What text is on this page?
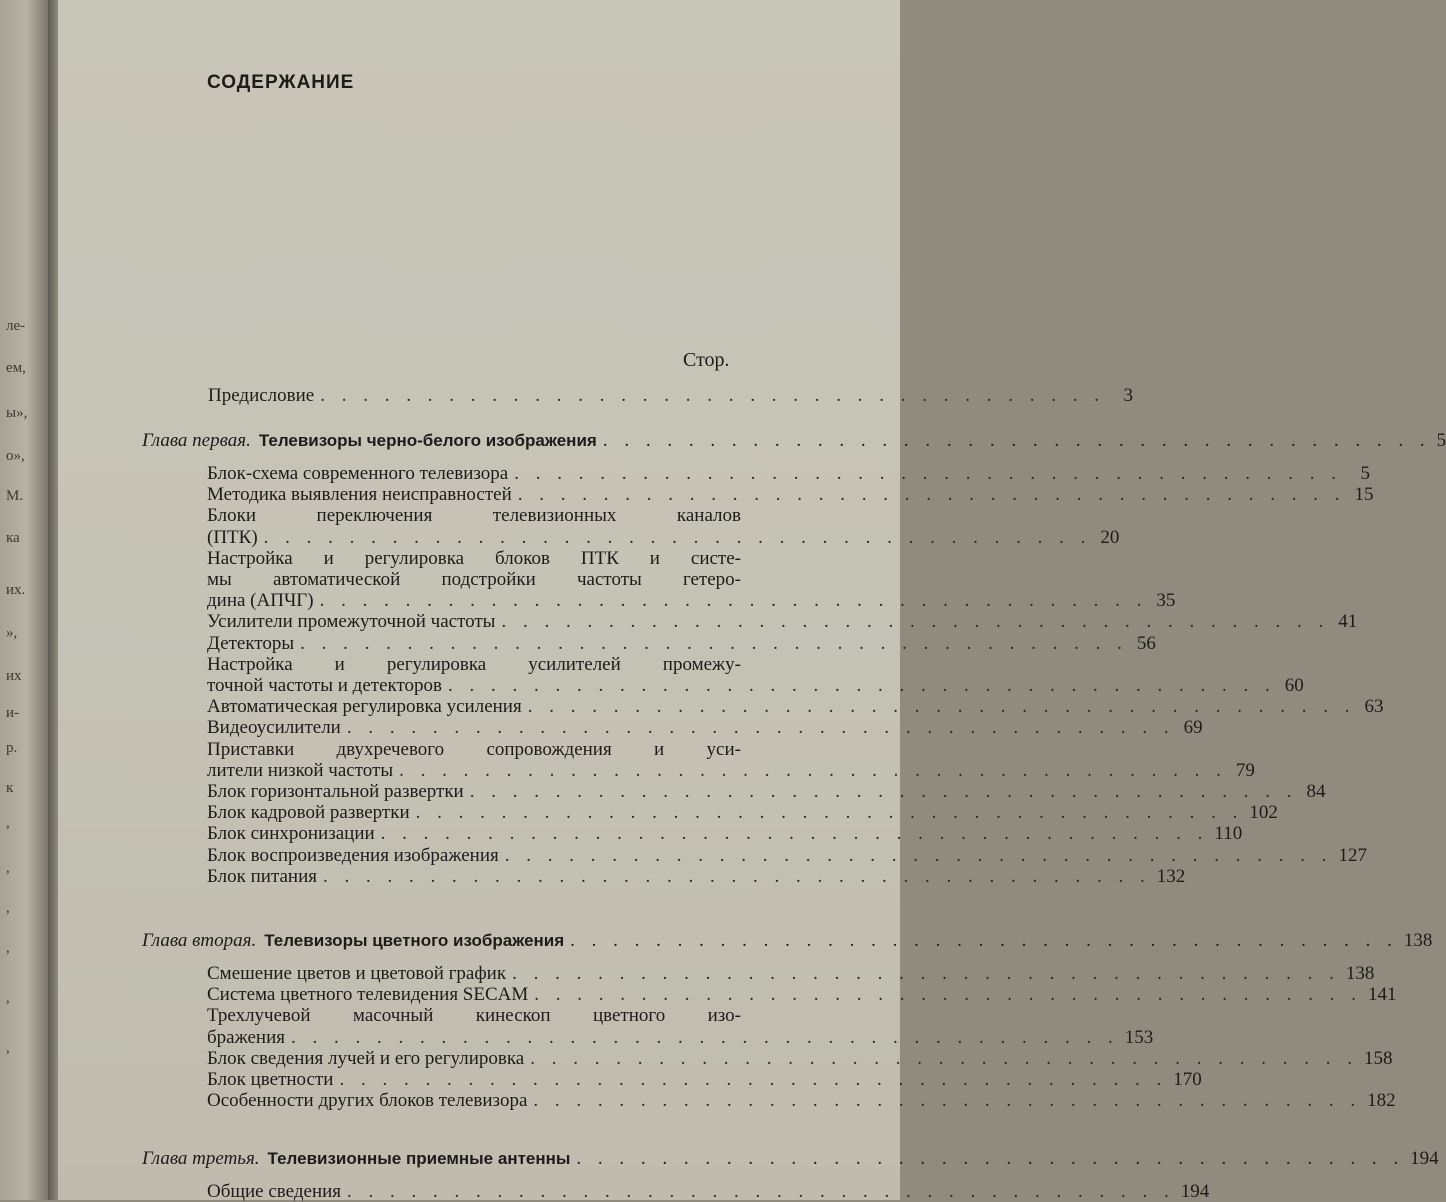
ле-
ем,
ы»,
о»,
М.
ка
их.
»,
их
и-
р.
к
,
,
,
,
,
,
СОДЕРЖАНИЕ
Стор.
Предисловие . . . . . . . . . . . . . . . . . . . . . . . . . . . . . . . . . . . . . 3
Глава первая. Телевизоры черно-белого изображения . . . . . . . . . . . . . . . . . . . . . . . . . . . . . . . . . . . . . . . 5
Блок-схема современного телевизора . . . . . . . . . . . . . . . . . . . . . . . . . . . . . . . . . . . . . . . 5
Методика выявления неисправностей . . . . . . . . . . . . . . . . . . . . . . . . . . . . . . . . . . . . . . . 15
Блоки переключения телевизионных каналов
(ПТК) . . . . . . . . . . . . . . . . . . . . . . . . . . . . . . . . . . . . . . . 20
Настройка и регулировка блоков ПТК и систе-
мы автоматической подстройки частоты гетеро-
дина (АПЧГ) . . . . . . . . . . . . . . . . . . . . . . . . . . . . . . . . . . . . . . . 35
Усилители промежуточной частоты . . . . . . . . . . . . . . . . . . . . . . . . . . . . . . . . . . . . . . . 41
Детекторы . . . . . . . . . . . . . . . . . . . . . . . . . . . . . . . . . . . . . . . 56
Настройка и регулировка усилителей промежу-
точной частоты и детекторов . . . . . . . . . . . . . . . . . . . . . . . . . . . . . . . . . . . . . . . 60
Автоматическая регулировка усиления . . . . . . . . . . . . . . . . . . . . . . . . . . . . . . . . . . . . . . . 63
Видеоусилители . . . . . . . . . . . . . . . . . . . . . . . . . . . . . . . . . . . . . . . 69
Приставки двухречевого сопровождения и уси-
лители низкой частоты . . . . . . . . . . . . . . . . . . . . . . . . . . . . . . . . . . . . . . . 79
Блок горизонтальной развертки . . . . . . . . . . . . . . . . . . . . . . . . . . . . . . . . . . . . . . . 84
Блок кадровой развертки . . . . . . . . . . . . . . . . . . . . . . . . . . . . . . . . . . . . . . . 102
Блок синхронизации . . . . . . . . . . . . . . . . . . . . . . . . . . . . . . . . . . . . . . . 110
Блок воспроизведения изображения . . . . . . . . . . . . . . . . . . . . . . . . . . . . . . . . . . . . . . . 127
Блок питания . . . . . . . . . . . . . . . . . . . . . . . . . . . . . . . . . . . . . . . 132
Глава вторая. Телевизоры цветного изображения . . . . . . . . . . . . . . . . . . . . . . . . . . . . . . . . . . . . . . . 138
Смешение цветов и цветовой график . . . . . . . . . . . . . . . . . . . . . . . . . . . . . . . . . . . . . . . 138
Система цветного телевидения SECAM . . . . . . . . . . . . . . . . . . . . . . . . . . . . . . . . . . . . . . . 141
Трехлучевой масочный кинескоп цветного изо-
бражения . . . . . . . . . . . . . . . . . . . . . . . . . . . . . . . . . . . . . . . 153
Блок сведения лучей и его регулировка . . . . . . . . . . . . . . . . . . . . . . . . . . . . . . . . . . . . . . . 158
Блок цветности . . . . . . . . . . . . . . . . . . . . . . . . . . . . . . . . . . . . . . . 170
Особенности других блоков телевизора . . . . . . . . . . . . . . . . . . . . . . . . . . . . . . . . . . . . . . . 182
Глава третья. Телевизионные приемные антенны . . . . . . . . . . . . . . . . . . . . . . . . . . . . . . . . . . . . . . . 194
Общие сведения . . . . . . . . . . . . . . . . . . . . . . . . . . . . . . . . . . . . . . . 194
